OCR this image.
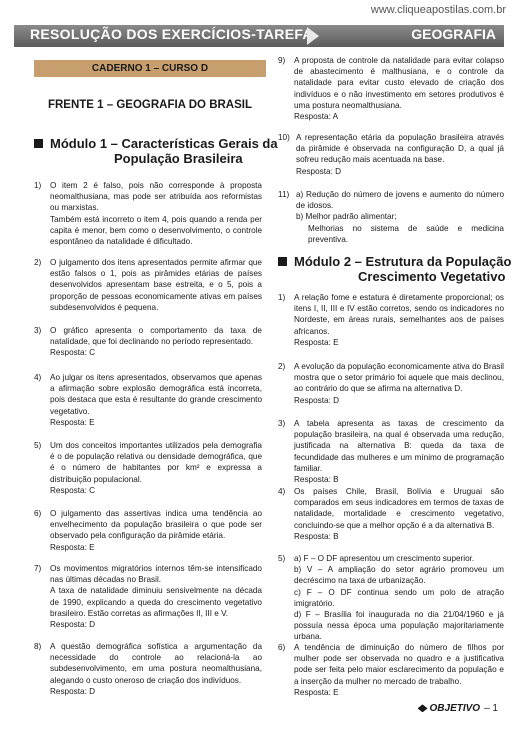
www.cliqueapostilas.com.br
RESOLUÇÃO DOS EXERCÍCIOS-TAREFA	GEOGRAFIA
CADERNO 1 – CURSO D
FRENTE 1 – GEOGRAFIA DO BRASIL
Módulo 1 – Características Gerais da
População Brasileira
1) O item 2 é falso, pois não corresponde à proposta neomalthusiana, mas pode ser atribuída aos reformistas ou marxistas.
Também está incorreto o item 4, pois quando a renda per capita é menor, bem como o desenvolvimento, o controle espontâneo da natalidade é dificultado.
2) O julgamento dos itens apresentados permite afirmar que estão falsos o 1, pois as pirâmides etárias de países desenvolvidos apresentam base estreita, e o 5, pois a proporção de pessoas economicamente ativas em países subdesenvolvidos é pequena.
3) O gráfico apresenta o comportamento da taxa de natalidade, que foi declinando no período representado.
Resposta: C
4) Ao julgar os itens apresentados, observamos que apenas a afirmação sobre explosão demográfica está incorreta, pois destaca que esta é resultante do grande crescimento vegetativo.
Resposta: E
5) Um dos conceitos importantes utilizados pela demografia é o de população relativa ou densidade demográfica, que é o número de habitantes por km² e expressa a distribuição populacional.
Resposta: C
6) O julgamento das assertivas indica uma tendência ao envelhecimento da população brasileira o que pode ser observado pela configuração da pirâmide etária.
Resposta: E
7) Os movimentos migratórios internos têm-se intensificado nas últimas décadas no Brasil.
A taxa de natalidade diminuiu sensivelmente na década de 1990, explicando a queda do crescimento vegetativo brasileiro. Estão corretas as afirmações II, III e V.
Resposta: D
8) A questão demográfica sofística a argumentação da necessidade do controle ao relacioná-la ao subdesenvolvimento, em uma postura neomalthusiana, alegando o custo oneroso de criação dos indivíduos.
Resposta: D
9) A proposta de controle da natalidade para evitar colapso de abastecimento é malthusiana, e o controle da natalidade para evitar custo elevado de criação dos indivíduos e o não investimento em setores produtivos é uma postura neomalthusiana.
Resposta: A
10) A representação etária da população brasileira através da pirâmide é observada na configuração D, a qual já sofreu redução mais acentuada na base.
Resposta: D
11) a) Redução do número de jovens e aumento do número de idosos.
b) Melhor padrão alimentar;
Melhorias no sistema de saúde e medicina preventiva.
Módulo 2 – Estrutura da População
Crescimento Vegetativo
1) A relação fome e estatura é diretamente proporcional; os itens I, II, III e IV estão corretos, sendo os indicadores no Nordeste, em áreas rurais, semelhantes aos de países africanos.
Resposta: E
2) A evolução da população economicamente ativa do Brasil mostra que o setor primário foi aquele que mais declinou, ao contrário do que se afirma na alternativa D.
Resposta: D
3) A tabela apresenta as taxas de crescimento da população brasileira, na qual é observada uma redução, justificada na alternativa B: queda da taxa de fecundidade das mulheres e um mínimo de programação familiar.
Resposta: B
4) Os países Chile, Brasil, Bolívia e Uruguai são comparados em seus indicadores em termos de taxas de natalidade, mortalidade e crescimento vegetativo, concluindo-se que a melhor opção é a da alternativa B.
Resposta: B
5) a) F – O DF apresentou um crescimento superior.
b) V – A ampliação do setor agrário promoveu um decréscimo na taxa de urbanização.
c) F – O DF continua sendo um polo de atração imigratório.
d) F – Brasília foi inaugurada no dia 21/04/1960 e já possuía nessa época uma população majoritariamente urbana.
6) A tendência de diminuição do número de filhos por mulher pode ser observada no quadro e a justificativa pode ser feita pelo maior esclarecimento da população e a inserção da mulher no mercado de trabalho.
Resposta: E
OBJETIVO – 1
